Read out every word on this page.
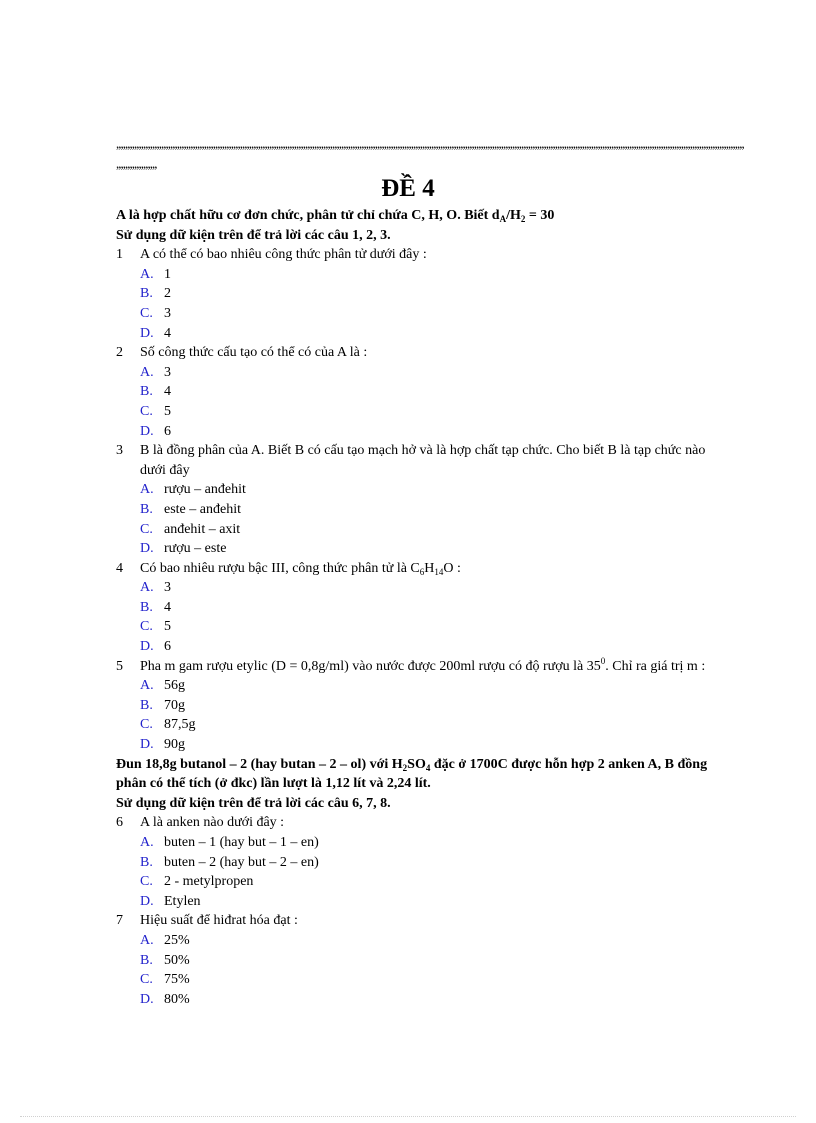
,,,,,,,,,,,,,,,,,,,,,,,,,,,,,,,,,,,,,,,,,,,,,,,,,,,,,,,,,,,,,,,,,,,,,,,,,,,,,,,,,,,,,,,,,,,,,,,,,,,,,,,,,,,,,,,,,,,,,,,,,,,,,,,,,,,,,,,,,,,,,,,,,,,,,,,,,,,,,,,,,,,,,,,,,,,,,,,,,,,,,,,,,,,,,,,,,,,,,,,,,,,,,,,,,,,,,,,,,,,,,,,,,,,,,,,,,,,,,,,,,,,,,,,,,,,,,,,,,,,,,,,,,,,,,,,,,,,,,,,
,,,,,,,,,,,,,,,,,,
ĐỀ 4
A là hợp chất hữu cơ đơn chức, phân tử chỉ chứa C, H, O. Biết $d_A/H_2 = 30$
Sử dụng dữ kiện trên để trả lời các câu 1, 2, 3.
1 A có thể có bao nhiêu công thức phân tử dưới đây :
A. 1
B. 2
C. 3
D. 4
2 Số công thức cấu tạo có thể có của A là :
A. 3
B. 4
C. 5
D. 6
3 B là đồng phân của A. Biết B có cấu tạo mạch hở và là hợp chất tạp chức. Cho biết B là tạp chức nào dưới đây
A. rượu – anđehit
B. este – anđehit
C. anđehit – axit
D. rượu – este
4 Có bao nhiêu rượu bậc III, công thức phân tử là $C_6H_{14}O$ :
A. 3
B. 4
C. 5
D. 6
5 Pha m gam rượu etylic (D = 0,8g/ml) vào nước được 200ml rượu có độ rượu là $35^0$. Chỉ ra giá trị m :
A. 56g
B. 70g
C. 87,5g
D. 90g
Đun 18,8g butanol – 2 (hay butan – 2 – ol) với $H_2SO_4$ đặc ở 1700C được hỗn hợp 2 anken A, B đồng phân có thể tích (ở đkc) lần lượt là 1,12 lít và 2,24 lít.
Sử dụng dữ kiện trên để trả lời các câu 6, 7, 8.
6 A là anken nào dưới đây :
A. buten – 1 (hay but – 1 – en)
B. buten – 2 (hay but – 2 – en)
C. 2 - metylpropen
D. Etylen
7 Hiệu suất để hiđrat hóa đạt :
A. 25%
B. 50%
C. 75%
D. 80%
